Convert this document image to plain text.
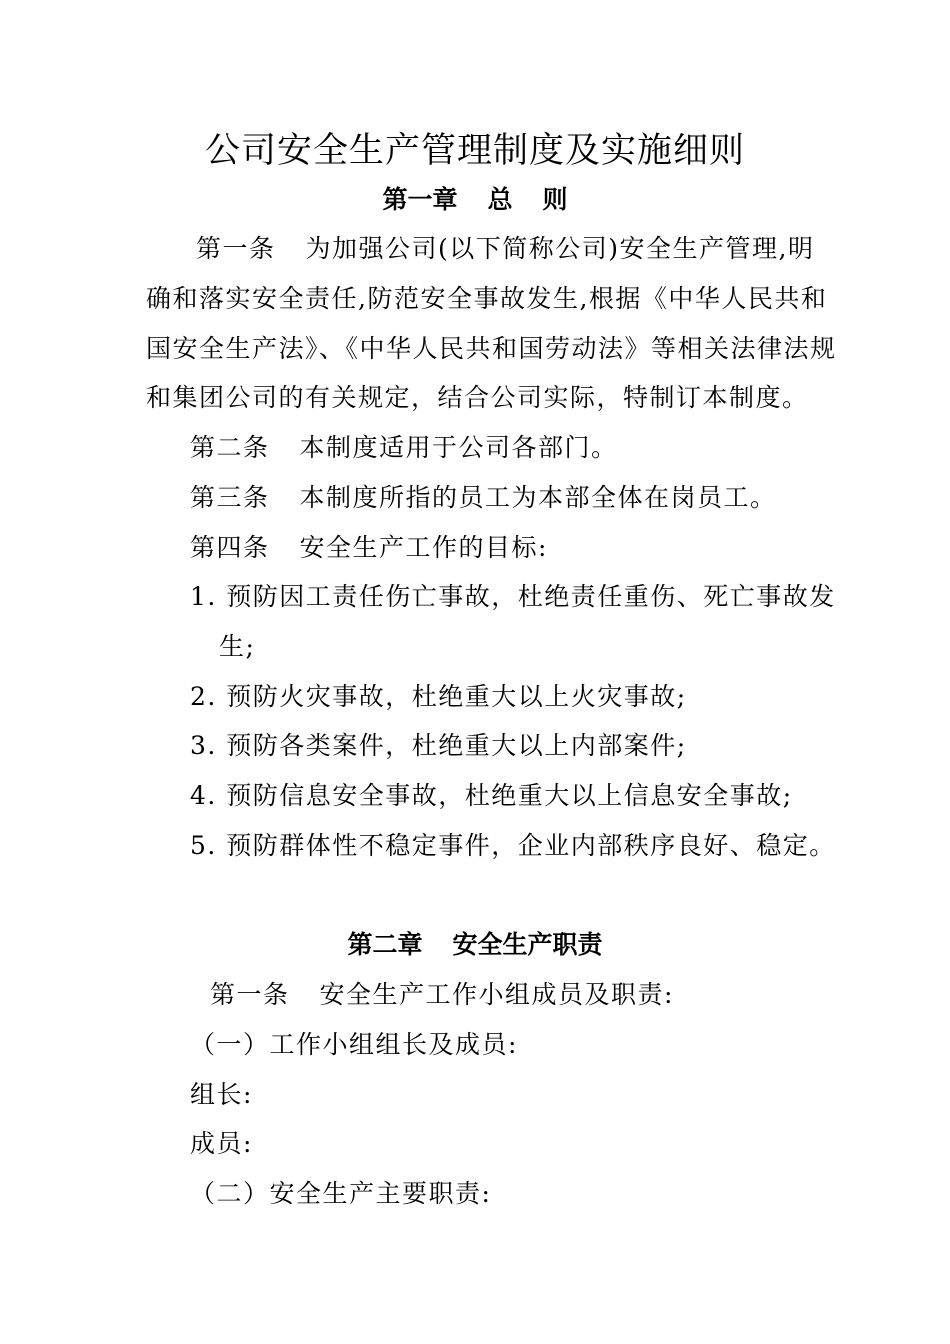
公司安全生产管理制度及实施细则
第一章 总 则
第一条 为加强公司(以下简称公司)安全生产管理,明
确和落实安全责任,防范安全事故发生,根据《中华人民共和
国安全生产法》、《中华人民共和国劳动法》等相关法律法规
和集团公司的有关规定，结合公司实际，特制订本制度。
第二条 本制度适用于公司各部门。
第三条 本制度所指的员工为本部全体在岗员工。
第四条 安全生产工作的目标:
1. 预防因工责任伤亡事故，杜绝责任重伤、死亡事故发
生;
2. 预防火灾事故，杜绝重大以上火灾事故;
3. 预防各类案件，杜绝重大以上内部案件;
4. 预防信息安全事故，杜绝重大以上信息安全事故;
5. 预防群体性不稳定事件，企业内部秩序良好、稳定。
第二章 安全生产职责
第一条 安全生产工作小组成员及职责:
（一）工作小组组长及成员:
组长:
成员:
（二）安全生产主要职责:
